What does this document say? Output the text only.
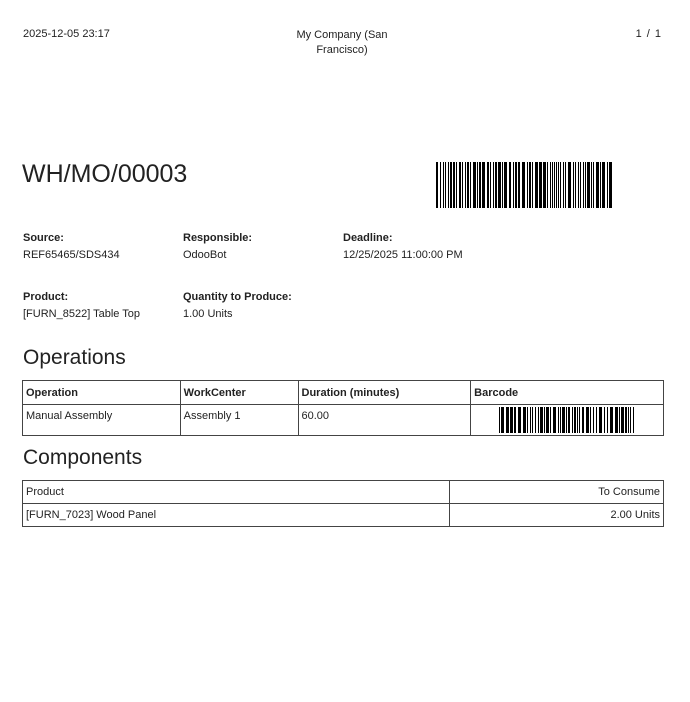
2025-12-05 23:17	My Company (San
Francisco)
1 / 1
WH/MO/00003
Source:
REF65465/SDS434
Responsible:
OdooBot
Deadline:
12/25/2025 11:00:00 PM
Product:
[FURN_8522] Table Top
Quantity to Produce:
1.00 Units
Operations
Operation	WorkCenter	Duration (minutes)	Barcode

Manual Assembly	Assembly 1	60.00

Components
Product	To Consume
[FURN_7023] Wood Panel	2.00 Units
